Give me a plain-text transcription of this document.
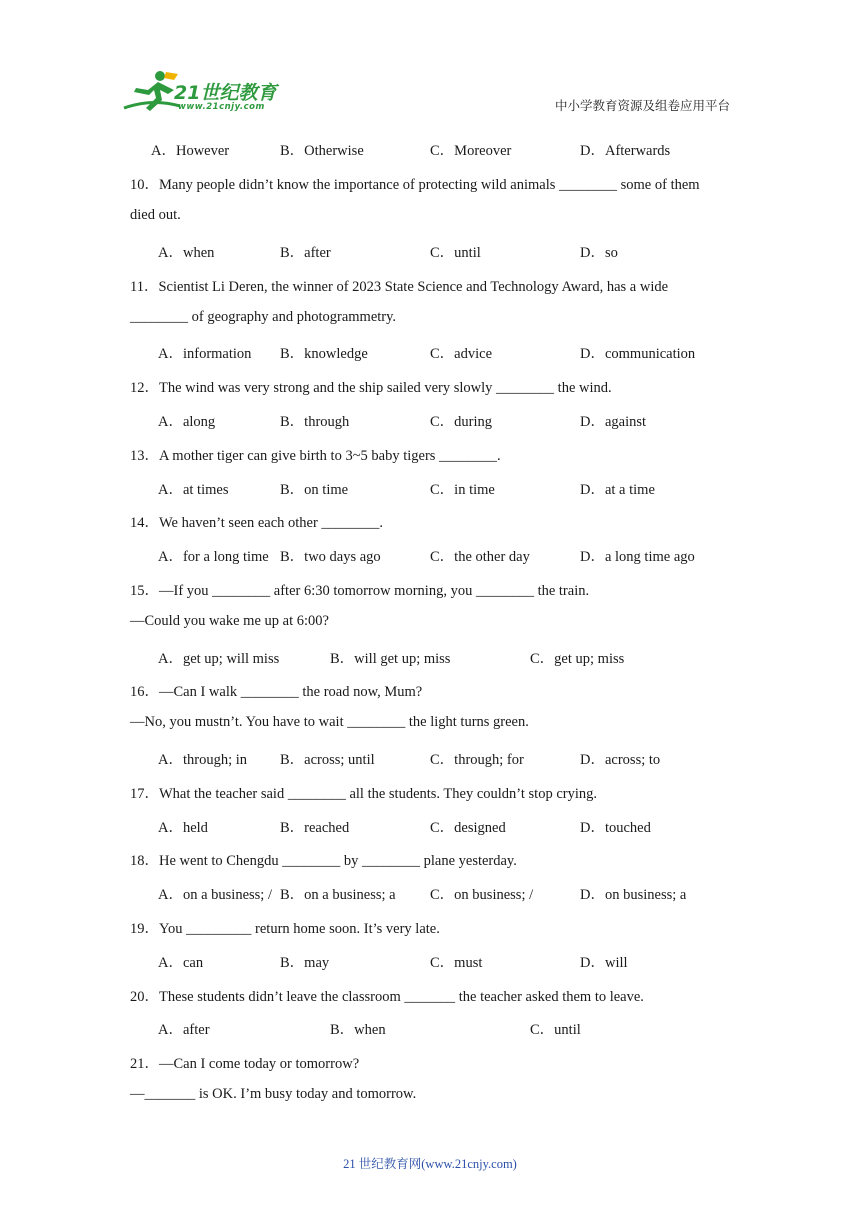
21世纪教育
www.21cnjy.com	中小学教育资源及组卷应用平台
A．However	B．Otherwise	C．Moreover	D．Afterwards
10．Many people didn’t know the importance of protecting wild animals ________ some of them
died out.
A．when	B．after	C．until	D．so
11．Scientist Li Deren, the winner of 2023 State Science and Technology Award, has a wide
________ of geography and photogrammetry.
A．information B．knowledge	C．advice	D．communication
12．The wind was very strong and the ship sailed very slowly ________ the wind.
A．along	B．through	C．during	D．against
13．A mother tiger can give birth to 3~5 baby tigers ________.
A．at times	B．on time	C．in time	D．at a time
14．We haven’t seen each other ________.
A．for a long time B．two days ago	C．the other day	D．a long time ago
15．—If you ________ after 6:30 tomorrow morning, you ________ the train.
—Could you wake me up at 6:00?
A．get up; will miss	B．will get up; miss	C．get up; miss
16．—Can I walk ________ the road now, Mum?
—No, you mustn’t. You have to wait ________ the light turns green.
A．through; in B．across; until	C．through; for	D．across; to
17．What the teacher said ________ all the students. They couldn’t stop crying.
A．held	B．reached	C．designed	D．touched
18．He went to Chengdu ________ by ________ plane yesterday.
A．on a business; / B．on a business; a C．on business; /	D．on business; a
19．You _________ return home soon. It’s very late.
A．can	B．may	C．must	D．will
20．These students didn’t leave the classroom _______ the teacher asked them to leave.
A．after	B．when	C．until
21．—Can I come today or tomorrow?
—_______ is OK. I’m busy today and tomorrow.
21 世纪教育网(www.21cnjy.com)
